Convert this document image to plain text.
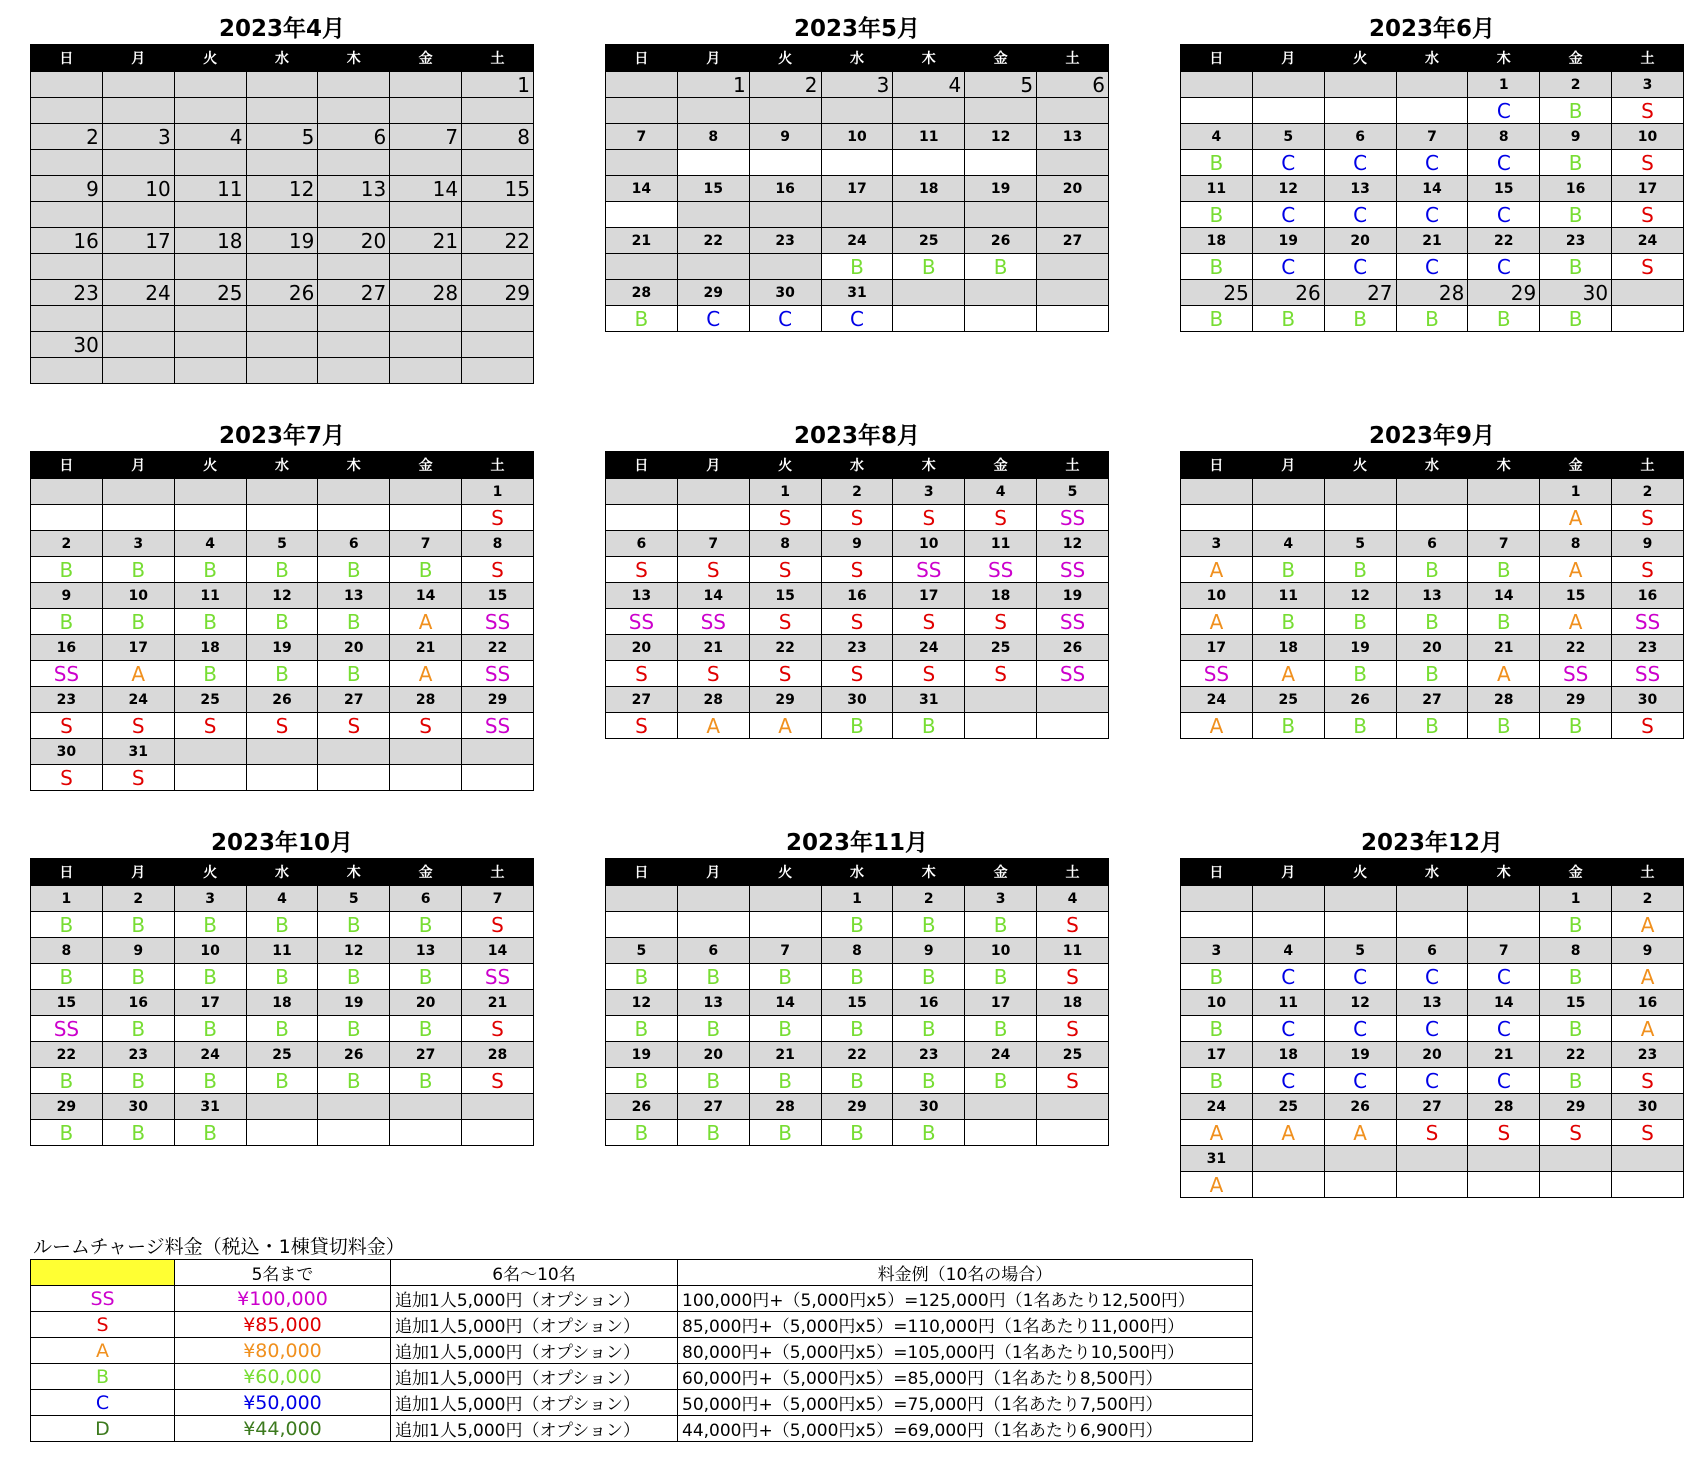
2023年4月
日	月	火	水	木	金	土
						1

2	3	4	5	6	7	8

9	10	11	12	13	14	15

16	17	18	19	20	21	22

23	24	25	26	27	28	29

30						

2023年5月
日	月	火	水	木	金	土
	1	2	3	4	5	6

7	8	9	10	11	12	13

14	15	16	17	18	19	20

21	22	23	24	25	26	27
			B	B	B	
28	29	30	31			
B	C	C	C			
2023年6月
日	月	火	水	木	金	土
				1	2	3
				C	B	S
4	5	6	7	8	9	10
B	C	C	C	C	B	S
11	12	13	14	15	16	17
B	C	C	C	C	B	S
18	19	20	21	22	23	24
B	C	C	C	C	B	S
25	26	27	28	29	30	
B	B	B	B	B	B	
2023年7月
日	月	火	水	木	金	土
						1
						S
2	3	4	5	6	7	8
B	B	B	B	B	B	S
9	10	11	12	13	14	15
B	B	B	B	B	A	SS
16	17	18	19	20	21	22
SS	A	B	B	B	A	SS
23	24	25	26	27	28	29
S	S	S	S	S	S	SS
30	31					
S	S					
2023年8月
日	月	火	水	木	金	土
		1	2	3	4	5
		S	S	S	S	SS
6	7	8	9	10	11	12
S	S	S	S	SS	SS	SS
13	14	15	16	17	18	19
SS	SS	S	S	S	S	SS
20	21	22	23	24	25	26
S	S	S	S	S	S	SS
27	28	29	30	31		
S	A	A	B	B		
2023年9月
日	月	火	水	木	金	土
					1	2
					A	S
3	4	5	6	7	8	9
A	B	B	B	B	A	S
10	11	12	13	14	15	16
A	B	B	B	B	A	SS
17	18	19	20	21	22	23
SS	A	B	B	A	SS	SS
24	25	26	27	28	29	30
A	B	B	B	B	B	S
2023年10月
日	月	火	水	木	金	土
1	2	3	4	5	6	7
B	B	B	B	B	B	S
8	9	10	11	12	13	14
B	B	B	B	B	B	SS
15	16	17	18	19	20	21
SS	B	B	B	B	B	S
22	23	24	25	26	27	28
B	B	B	B	B	B	S
29	30	31				
B	B	B				
2023年11月
日	月	火	水	木	金	土
			1	2	3	4
			B	B	B	S
5	6	7	8	9	10	11
B	B	B	B	B	B	S
12	13	14	15	16	17	18
B	B	B	B	B	B	S
19	20	21	22	23	24	25
B	B	B	B	B	B	S
26	27	28	29	30		
B	B	B	B	B		
2023年12月
日	月	火	水	木	金	土
					1	2
					B	A
3	4	5	6	7	8	9
B	C	C	C	C	B	A
10	11	12	13	14	15	16
B	C	C	C	C	B	A
17	18	19	20	21	22	23
B	C	C	C	C	B	S
24	25	26	27	28	29	30
A	A	A	S	S	S	S
31						
A						
ルームチャージ料金（税込・1棟貸切料金）
	5名まで	6名～10名	料金例（10名の場合）
SS	¥100,000	追加1人5,000円（オプション）	100,000円+（5,000円x5）=125,000円（1名あたり12,500円）
S	¥85,000	追加1人5,000円（オプション）	85,000円+（5,000円x5）=110,000円（1名あたり11,000円）
A	¥80,000	追加1人5,000円（オプション）	80,000円+（5,000円x5）=105,000円（1名あたり10,500円）
B	¥60,000	追加1人5,000円（オプション）	60,000円+（5,000円x5）=85,000円（1名あたり8,500円）
C	¥50,000	追加1人5,000円（オプション）	50,000円+（5,000円x5）=75,000円（1名あたり7,500円）
D	¥44,000	追加1人5,000円（オプション）	44,000円+（5,000円x5）=69,000円（1名あたり6,900円）
